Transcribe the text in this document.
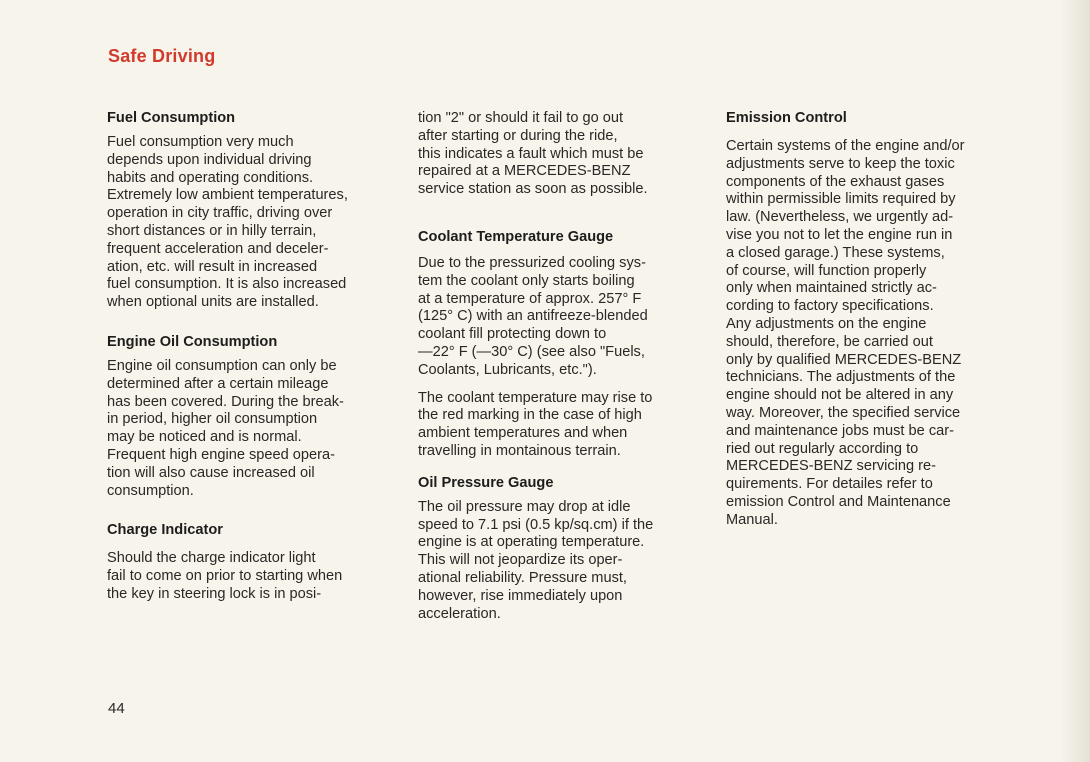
Safe Driving
Fuel Consumption

Fuel consumption very much
depends upon individual driving
habits and operating conditions.
Extremely low ambient temperatures,
operation in city traffic, driving over
short distances or in hilly terrain,
frequent acceleration and deceler-
ation, etc. will result in increased
fuel consumption. It is also increased
when optional units are installed.

Engine Oil Consumption

Engine oil consumption can only be
determined after a certain mileage
has been covered. During the break-
in period, higher oil consumption
may be noticed and is normal.
Frequent high engine speed opera-
tion will also cause increased oil
consumption.

Charge Indicator

Should the charge indicator light
fail to come on prior to starting when
the key in steering lock is in posi-

tion "2" or should it fail to go out
after starting or during the ride,
this indicates a fault which must be
repaired at a MERCEDES-BENZ
service station as soon as possible.

Coolant Temperature Gauge

Due to the pressurized cooling sys-
tem the coolant only starts boiling
at a temperature of approx. 257° F
(125° C) with an antifreeze-blended
coolant fill protecting down to
—22° F (—30° C) (see also "Fuels,
Coolants, Lubricants, etc.").

The coolant temperature may rise to
the red marking in the case of high
ambient temperatures and when
travelling in montainous terrain.

Oil Pressure Gauge

The oil pressure may drop at idle
speed to 7.1 psi (0.5 kp/sq.cm) if the
engine is at operating temperature.
This will not jeopardize its oper-
ational reliability. Pressure must,
however, rise immediately upon
acceleration.

Emission Control

Certain systems of the engine and/or
adjustments serve to keep the toxic
components of the exhaust gases
within permissible limits required by
law. (Nevertheless, we urgently ad-
vise you not to let the engine run in
a closed garage.) These systems,
of course, will function properly
only when maintained strictly ac-
cording to factory specifications.
Any adjustments on the engine
should, therefore, be carried out
only by qualified MERCEDES-BENZ
technicians. The adjustments of the
engine should not be altered in any
way. Moreover, the specified service
and maintenance jobs must be car-
ried out regularly according to
MERCEDES-BENZ servicing re-
quirements. For detailes refer to
emission Control and Maintenance
Manual.

44
